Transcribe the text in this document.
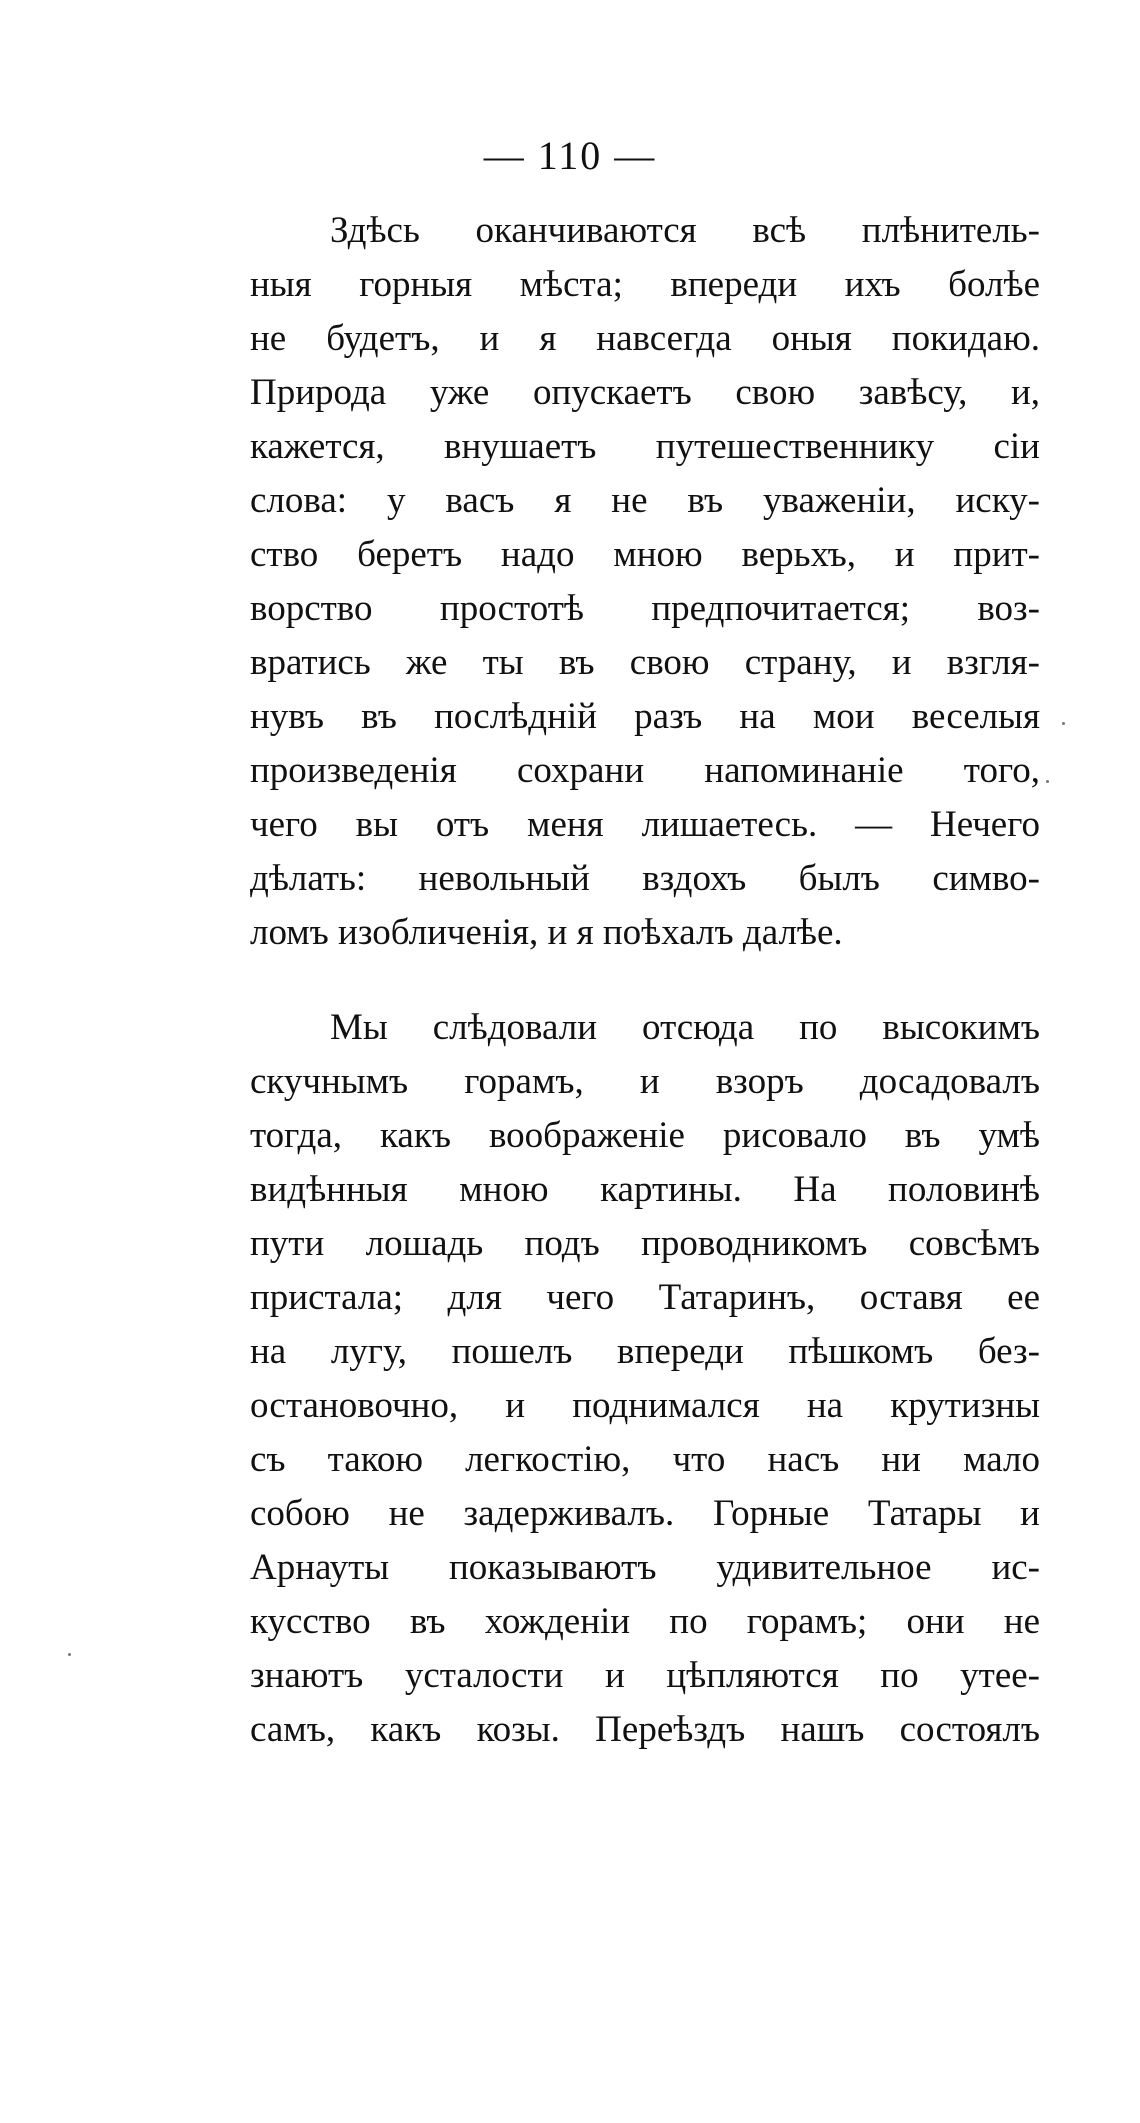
— 110 —
Здѣсь оканчиваются всѣ плѣнитель-
ныя горныя мѣста; впереди ихъ болѣе
не будетъ, и я навсегда оныя покидаю.
Природа уже опускаетъ свою завѣсу, и,
кажется, внушаетъ путешественнику сіи
слова: у васъ я не въ уваженіи, иску-
ство беретъ надо мною верьхъ, и прит-
ворство простотѣ предпочитается; воз-
вратись же ты въ свою страну, и взгля-
нувъ въ послѣдній разъ на мои веселыя
произведенія сохрани напоминаніе того,
чего вы отъ меня лишаетесь. — Нечего
дѣлать: невольный вздохъ былъ симво-
ломъ изобличенія, и я поѣхалъ далѣе.
Мы слѣдовали отсюда по высокимъ
скучнымъ горамъ, и взоръ досадовалъ
тогда, какъ воображеніе рисовало въ умѣ
видѣнныя мною картины. На половинѣ
пути лошадь подъ проводникомъ совсѣмъ
пристала; для чего Татаринъ, оставя ее
на лугу, пошелъ впереди пѣшкомъ без-
остановочно, и поднимался на крутизны
съ такою легкостію, что насъ ни мало
собою не задерживалъ. Горные Татары и
Арнауты показываютъ удивительное ис-
кусство въ хожденіи по горамъ; они не
знаютъ усталости и цѣпляются по утее-
самъ, какъ козы. Переѣздъ нашъ состоялъ
